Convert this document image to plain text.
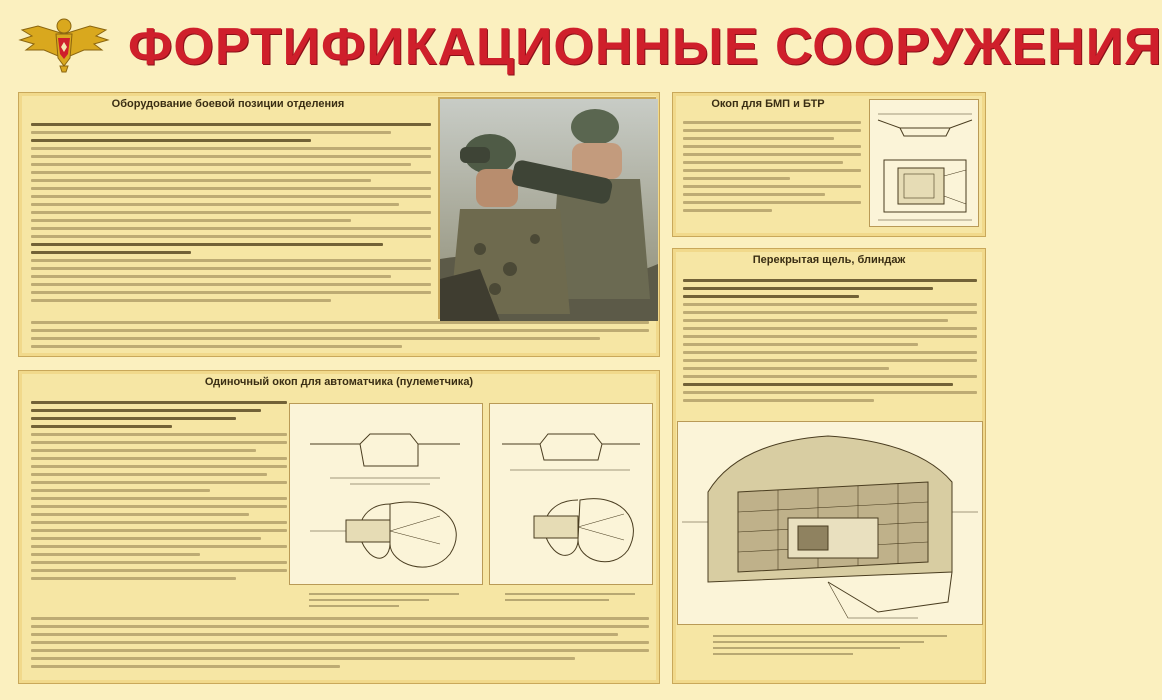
ФОРТИФИКАЦИОННЫЕ СООРУЖЕНИЯ
Оборудование боевой позиции отделения	Окоп для БМП и БТР
Одиночный окоп для автоматчика (пулеметчика)
Перекрытая щель, блиндаж
